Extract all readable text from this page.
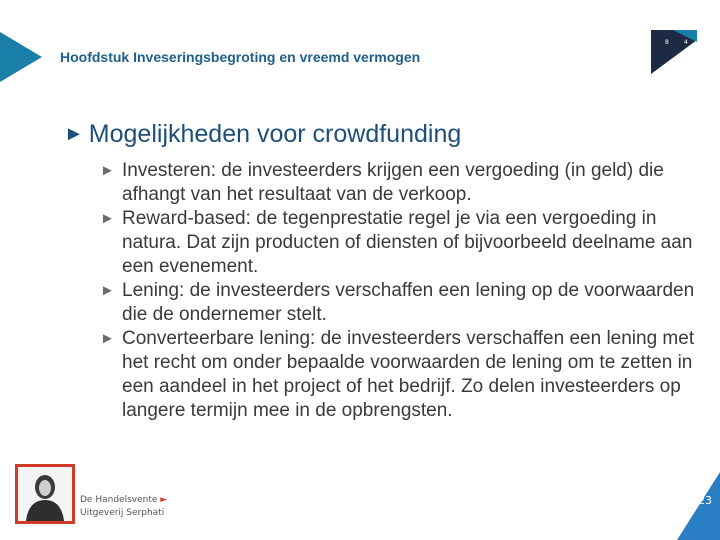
Hoofdstuk Inveseringsbegroting en vreemd vermogen
8	4
► Mogelijkheden voor crowdfunding
► Investeren: de investeerders krijgen een vergoeding (in geld) die afhangt van het resultaat van de verkoop.
► Reward-based: de tegenprestatie regel je via een vergoeding in natura. Dat zijn producten of diensten of bijvoorbeeld deelname aan een evenement.
► Lening: de investeerders verschaffen een lening op de voorwaarden die de ondernemer stelt.
► Converteerbare lening: de investeerders verschaffen een lening met het recht om onder bepaalde voorwaarden de lening om te zetten in een aandeel in het project of het bedrijf. Zo delen investeerders op langere termijn mee in de opbrengsten.
De Handelsvente ►
Uitgeverij Serphati
23
